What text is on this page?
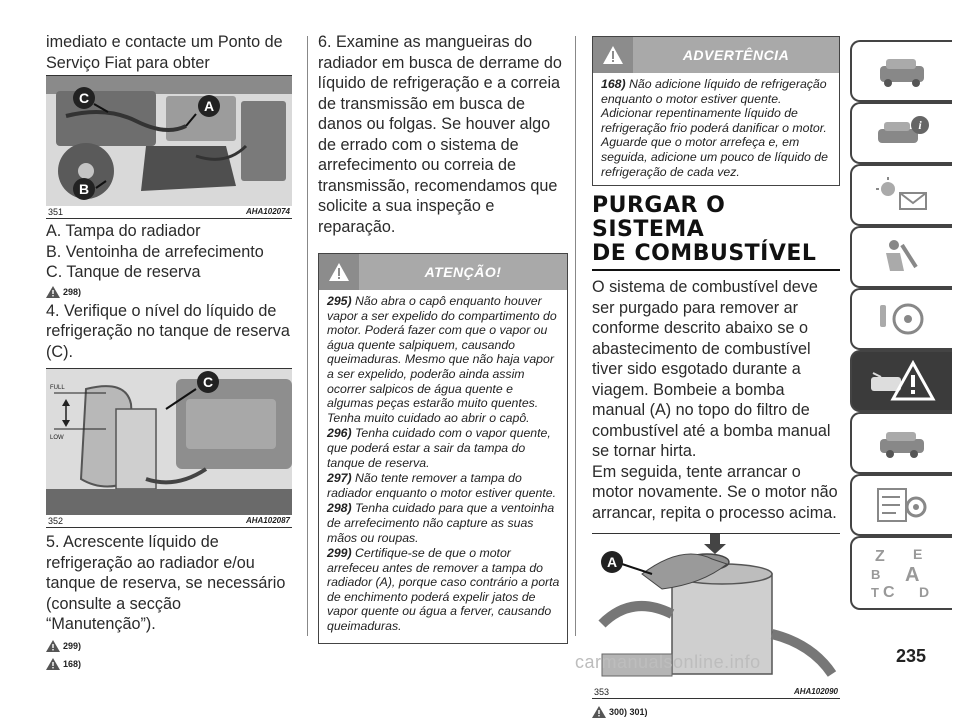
imediato e contacte um Ponto de Serviço Fiat para obter
C	A
B
351	AHA102074
A. Tampa do radiador
B. Ventoinha de arrefecimento
C. Tanque de reserva
298)
4. Verifique o nível do líquido de refrigeração no tanque de reserva (C).
FULL
LOW
C
352	AHA102087
5. Acrescente líquido de refrigeração ao radiador e/ou tanque de reserva, se necessário (consulte a secção “Manutenção”).
299)
168)
6. Examine as mangueiras do radiador em busca de derrame do líquido de refrigeração e a correia de transmissão em busca de danos ou folgas. Se houver algo de errado com o sistema de arrefecimento ou correia de transmissão, recomendamos que solicite a sua inspeção e reparação.
ATENÇÃO!

295) Não abra o capô enquanto houver vapor a ser expelido do compartimento do motor. Poderá fazer com que o vapor ou água quente salpiquem, causando queimaduras. Mesmo que não haja vapor a ser expelido, poderão ainda assim ocorrer salpicos de água quente e algumas peças estarão muito quentes. Tenha muito cuidado ao abrir o capô.

296) Tenha cuidado com o vapor quente, que poderá estar a sair da tampa do tanque de reserva.

297) Não tente remover a tampa do radiador enquanto o motor estiver quente.

298) Tenha cuidado para que a ventoinha de arrefecimento não capture as suas mãos ou roupas.

299) Certifique-se de que o motor arrefeceu antes de remover a tampa do radiador (A), porque caso contrário a porta de enchimento poderá expelir jatos de vapor quente ou água a ferver, causando queimaduras.

ADVERTÊNCIA

168) Não adicione líquido de refrigeração enquanto o motor estiver quente. Adicionar repentinamente líquido de refrigeração frio poderá danificar o motor. Aguarde que o motor arrefeça e, em seguida, adicione um pouco de líquido de refrigeração de cada vez.

PURGAR O SISTEMA
DE COMBUSTÍVEL
O sistema de combustível deve ser purgado para remover ar conforme descrito abaixo se o abastecimento de combustível tiver sido esgotado durante a viagem. Bombeie a bomba manual (A) no topo do filtro de combustível até a bomba manual se tornar hirta.
Em seguida, tente arrancar o motor novamente. Se o motor não arrancar, repita o processo acima.
A
353	AHA102090
300) 301)
i
Z E
B A
C
T	D
carmanualsonline.info	235
